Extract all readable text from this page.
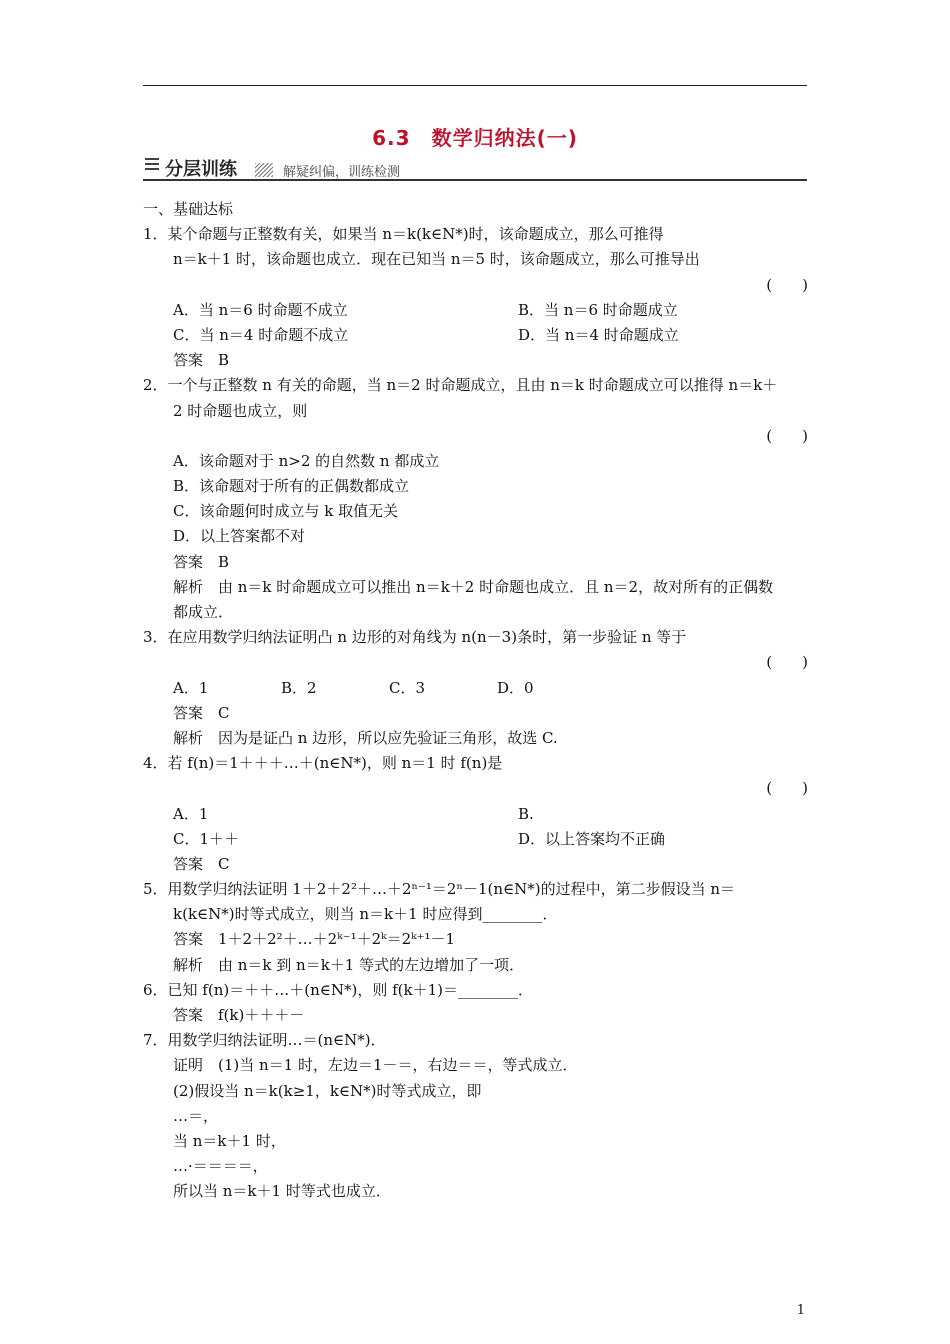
6.3　数学归纳法(一)
分层训练	解疑纠偏，训练检测
一、基础达标
1．某个命题与正整数有关，如果当 n＝k(k∈N*)时，该命题成立，那么可推得
n＝k＋1 时，该命题也成立．现在已知当 n＝5 时，该命题成立，那么可推导出
(　　)
A．当 n＝6 时命题不成立	B．当 n＝6 时命题成立
C．当 n＝4 时命题不成立	D．当 n＝4 时命题成立
答案　B
2．一个与正整数 n 有关的命题，当 n＝2 时命题成立，且由 n＝k 时命题成立可以推得 n＝k＋
2 时命题也成立，则
(　　)
A．该命题对于 n>2 的自然数 n 都成立
B．该命题对于所有的正偶数都成立
C．该命题何时成立与 k 取值无关
D．以上答案都不对
答案　B
解析　由 n＝k 时命题成立可以推出 n＝k＋2 时命题也成立．且 n＝2，故对所有的正偶数
都成立．
3．在应用数学归纳法证明凸 n 边形的对角线为 n(n－3)条时，第一步验证 n 等于
(　　)
A．1	B．2	C．3	D．0
答案　C
解析　因为是证凸 n 边形，所以应先验证三角形，故选 C.
4．若 f(n)＝1＋＋＋…＋(n∈N*)，则 n＝1 时 f(n)是
(　　)
A．1	B.
C．1＋＋	D．以上答案均不正确
答案　C
5．用数学归纳法证明 1＋2＋2²＋…＋2ⁿ⁻¹＝2ⁿ－1(n∈N*)的过程中，第二步假设当 n＝
k(k∈N*)时等式成立，则当 n＝k＋1 时应得到________．
答案　1＋2＋2²＋…＋2ᵏ⁻¹＋2ᵏ＝2ᵏ⁺¹－1
解析　由 n＝k 到 n＝k＋1 等式的左边增加了一项．
6．已知 f(n)＝＋＋…＋(n∈N*)，则 f(k＋1)＝________．
答案　f(k)＋＋＋－
7．用数学归纳法证明…＝(n∈N*)．
证明　(1)当 n＝1 时，左边＝1－＝，右边＝＝，等式成立．
(2)假设当 n＝k(k≥1，k∈N*)时等式成立，即
…＝，
当 n＝k＋1 时，
…·＝＝＝＝，
所以当 n＝k＋1 时等式也成立．
1
